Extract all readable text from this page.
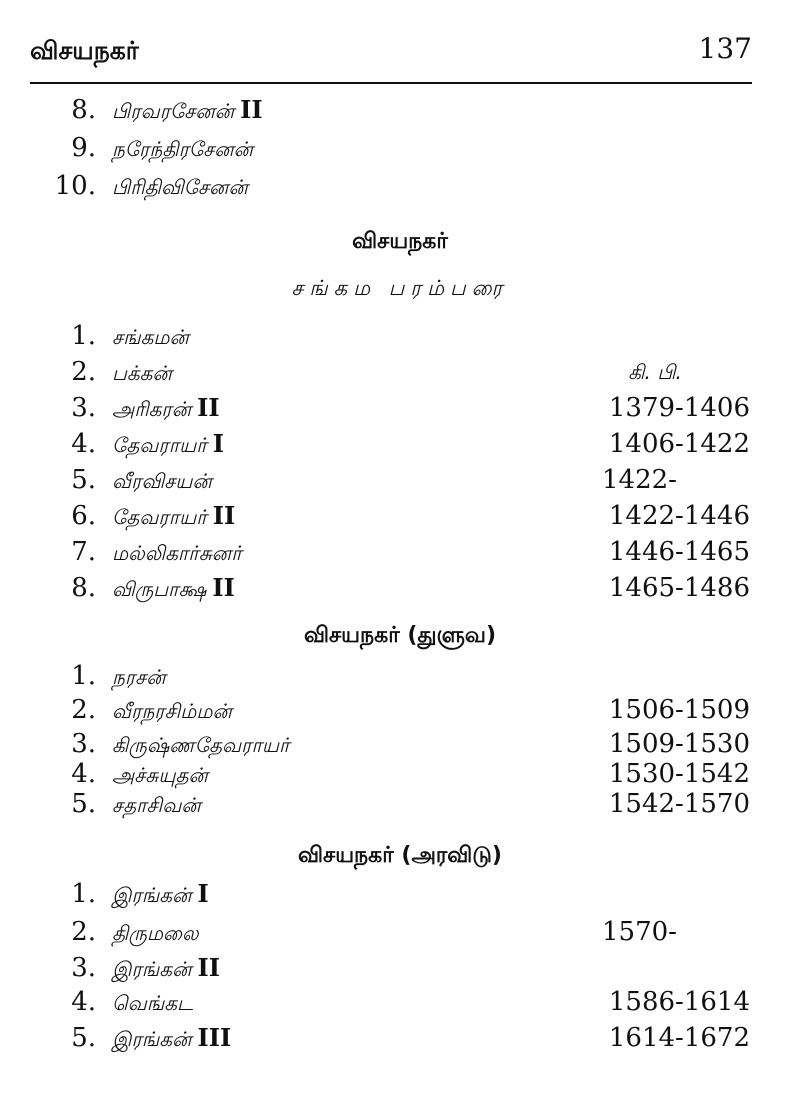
விசயநகர்	137
8. பிரவரசேனன் II
9. நரேந்திரசேனன்
10. பிரிதிவிசேனன்
விசயநகர்
சங்கம பரம்பரை
1. சங்கமன்
2. பக்கன்	கி. பி.
3. அரிகரன் II	1379-1406
4. தேவராயர் I	1406-1422
5. வீரவிசயன்	1422-
6. தேவராயர் II	1422-1446
7. மல்லிகார்சுனர்	1446-1465
8. விருபாக்ஷ II	1465-1486
விசயநகர் (துளுவ)
1. நரசன்
2. வீரநரசிம்மன்	1506-1509
3. கிருஷ்ணதேவராயர்	1509-1530
4. அச்சுயுதன்	1530-1542
5. சதாசிவன்	1542-1570
விசயநகர் (அரவிடு)
1. இரங்கன் I
2. திருமலை	1570-
3. இரங்கன் II
4. வெங்கட	1586-1614
5. இரங்கன் III	1614-1672
